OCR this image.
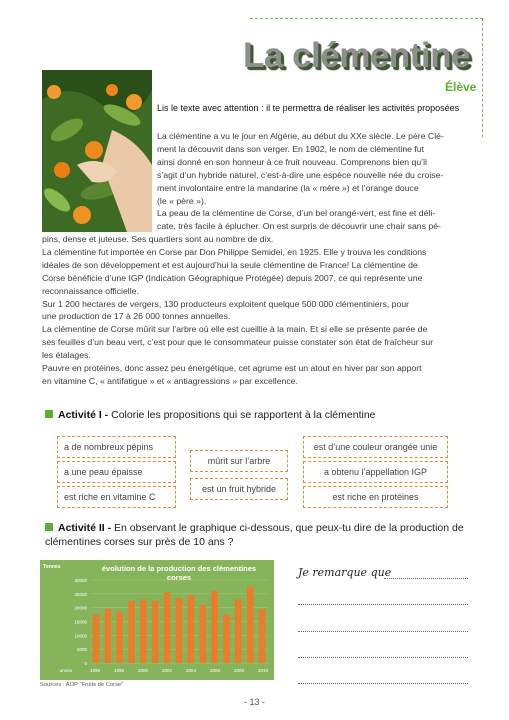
La clémentine
Élève
Lis le texte avec attention : il te permettra de réaliser les activités proposées
La clémentine a vu le jour en Algérie, au début du XXe siècle. Le père Clé-
ment la découvrit dans son verger. En 1902, le nom de clémentine fut
ainsi donné en son honneur à ce fruit nouveau. Comprenons bien qu’il
s’agit d’un hybride naturel, c’est-à-dire une espèce nouvelle née du croise-
ment involontaire entre la mandarine (la « mère ») et l’orange douce
(le « père »).
La peau de la clémentine de Corse, d’un bel orangé-vert, est fine et déli-
cate, très facile à éplucher. On est surpris de découvrir une chair sans pé-
pins, dense et juteuse. Ses quartiers sont au nombre de dix.
La clémentine fut importée en Corse par Don Philippe Semidei, en 1925. Elle y trouva les conditions
idéales de son développement et est aujourd’hui la seule clémentine de France! La clémentine de
Corse bénéficie d’une IGP (Indication Géographique Protégée) depuis 2007, ce qui représente une
reconnaissance officielle.
Sur 1 200 hectares de vergers, 130 producteurs exploitent quelque 500 000 clémentiniers, pour
une production de 17 à 26 000 tonnes annuelles.
La clémentine de Corse mûrit sur l’arbre où elle est cueillie à la main. Et si elle se présente parée de
ses feuilles d’un beau vert, c’est pour que le consommateur puisse constater son état de fraîcheur sur
les étalages.
Pauvre en protéines, donc assez peu énergétique, cet agrume est un atout en hiver par son apport
en vitamine C, « antifatigue » et « antiagressions » par excellence.
Activité I - Colorie les propositions qui se rapportent à la clémentine
a de nombreux pépins
a une peau épaisse
est riche en vitamine C
mûrit sur l’arbre
est un fruit hybride
est d’une couleur orangée unie
a obtenu l’appellation IGP
est riche en protéines
Activité II - En observant le graphique ci-dessous, que peux-tu dire de la production de
clémentines corses sur près de 10 ans ?
évolution de la production des clémentines
corses
Tonnes
30000
25000
20000
15000
10000
5000
0
année	1996	1998	2000	2002	2004	2006	2008	2010
Sources : AOP "Fruits de Corse"
Je remarque que
- 13 -
